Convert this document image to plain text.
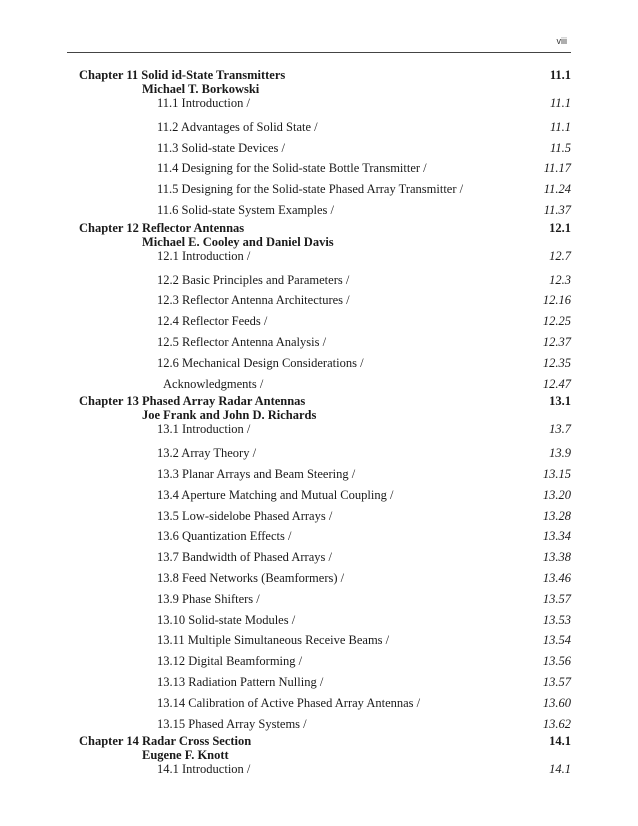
viii
Chapter 11 Solid id-State Transmitters	11.1
Michael T. Borkowski
11.1 Introduction /	11.1
11.2 Advantages of Solid State /	11.1
11.3 Solid-state Devices /	11.5
11.4 Designing for the Solid-state Bottle Transmitter /	11.17
11.5 Designing for the Solid-state Phased Array Transmitter /	11.24
11.6 Solid-state System Examples /	11.37
Chapter 12 Reflector Antennas	12.1
Michael E. Cooley and Daniel Davis
12.1 Introduction /	12.7
12.2 Basic Principles and Parameters /	12.3
12.3 Reflector Antenna Architectures /	12.16
12.4 Reflector Feeds /	12.25
12.5 Reflector Antenna Analysis /	12.37
12.6 Mechanical Design Considerations /	12.35
Acknowledgments /	12.47
Chapter 13 Phased Array Radar Antennas	13.1
Joe Frank and John D. Richards
13.1 Introduction /	13.7
13.2 Array Theory /	13.9
13.3 Planar Arrays and Beam Steering /	13.15
13.4 Aperture Matching and Mutual Coupling /	13.20
13.5 Low-sidelobe Phased Arrays /	13.28
13.6 Quantization Effects /	13.34
13.7 Bandwidth of Phased Arrays /	13.38
13.8 Feed Networks (Beamformers) /	13.46
13.9 Phase Shifters /	13.57
13.10 Solid-state Modules /	13.53
13.11 Multiple Simultaneous Receive Beams /	13.54
13.12 Digital Beamforming /	13.56
13.13 Radiation Pattern Nulling /	13.57
13.14 Calibration of Active Phased Array Antennas /	13.60
13.15 Phased Array Systems /	13.62
Chapter 14 Radar Cross Section	14.1
Eugene F. Knott
14.1 Introduction /	14.1
